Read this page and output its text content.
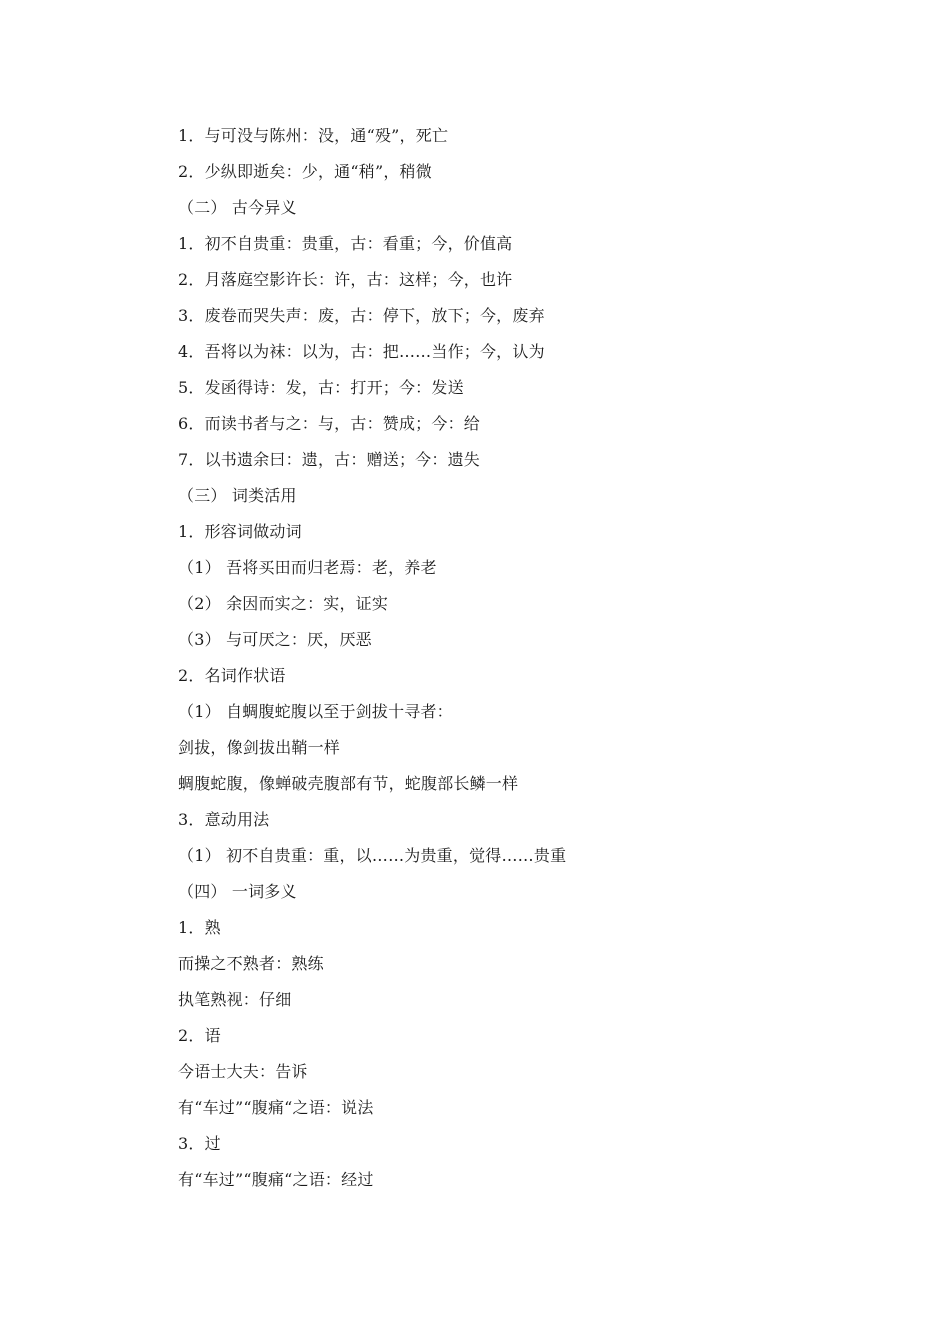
1．与可没与陈州：没，通“殁”，死亡
2．少纵即逝矣：少，通“稍”，稍微
（二） 古今异义
1．初不自贵重：贵重，古：看重；今，价值高
2．月落庭空影许长：许，古：这样；今，也许
3．废卷而哭失声：废，古：停下，放下；今，废弃
4．吾将以为袜：以为，古：把……当作；今，认为
5．发函得诗：发，古：打开；今：发送
6．而读书者与之：与，古：赞成；今：给
7．以书遗余曰：遗，古：赠送；今：遗失
（三） 词类活用
1．形容词做动词
（1） 吾将买田而归老焉：老，养老
（2） 余因而实之：实，证实
（3） 与可厌之：厌，厌恶
2．名词作状语
（1） 自蜩腹蛇腹以至于剑拔十寻者：
剑拔，像剑拔出鞘一样
蜩腹蛇腹，像蝉破壳腹部有节，蛇腹部长鳞一样
3．意动用法
（1） 初不自贵重：重，以……为贵重，觉得……贵重
（四） 一词多义
1．熟
而操之不熟者：熟练
执笔熟视：仔细
2．语
今语士大夫：告诉
有“车过”“腹痛“之语：说法
3．过
有“车过”“腹痛“之语：经过
